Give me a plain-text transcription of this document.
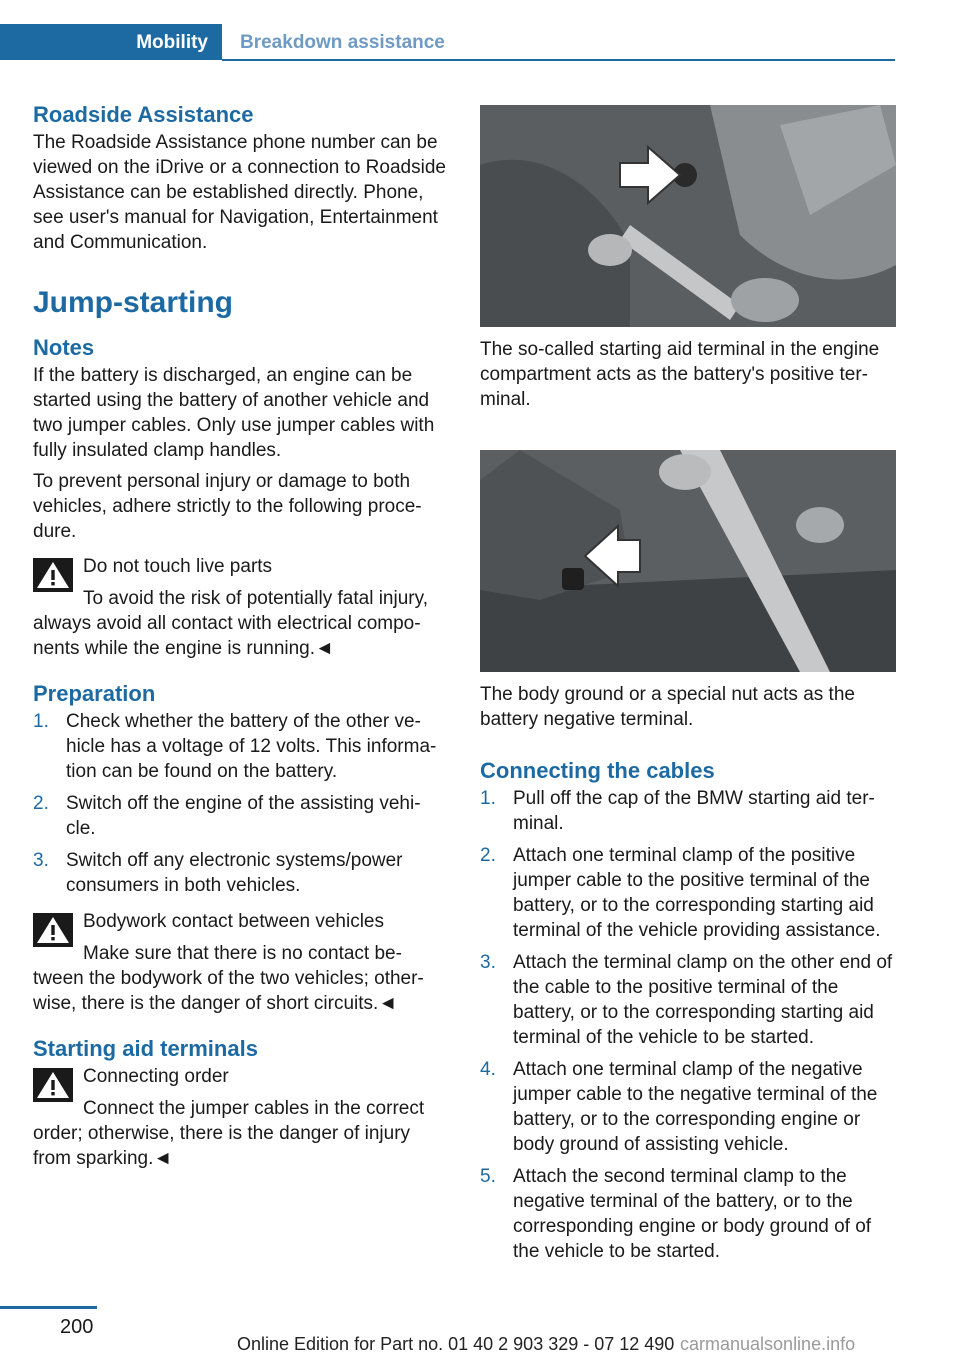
Mobility Breakdown assistance
Roadside Assistance

The Roadside Assistance phone number can be viewed on the iDrive or a connection to Roadside Assistance can be established directly. Phone, see user's manual for Navigation, Entertainment and Communication.

Jump-starting
Notes

If the battery is discharged, an engine can be started using the battery of another vehicle and two jumper cables. Only use jumper cables with fully insulated clamp handles.

To prevent personal injury or damage to both vehicles, adhere strictly to the following proce‐dure.

Do not touch live parts

To avoid the risk of potentially fatal injury, always avoid all contact with electrical compo‐nents while the engine is running.◄

Preparation
1. Check whether the battery of the other ve‐hicle has a voltage of 12 volts. This informa‐tion can be found on the battery.
2. Switch off the engine of the assisting vehi‐cle.
3. Switch off any electronic systems/power consumers in both vehicles.

Bodywork contact between vehicles

Make sure that there is no contact be‐tween the bodywork of the two vehicles; other‐wise, there is the danger of short circuits.◄

Starting aid terminals

Connecting order

Connect the jumper cables in the correct order; otherwise, there is the danger of injury from sparking.◄

The so-called starting aid terminal in the engine compartment acts as the battery's positive ter‐minal.

The body ground or a special nut acts as the battery negative terminal.

Connecting the cables
1. Pull off the cap of the BMW starting aid ter‐minal.
2. Attach one terminal clamp of the positive jumper cable to the positive terminal of the battery, or to the corresponding starting aid terminal of the vehicle providing assistance.
3. Attach the terminal clamp on the other end of the cable to the positive terminal of the battery, or to the corresponding starting aid terminal of the vehicle to be started.
4. Attach one terminal clamp of the negative jumper cable to the negative terminal of the battery, or to the corresponding engine or body ground of assisting vehicle.
5. Attach the second terminal clamp to the negative terminal of the battery, or to the corresponding engine or body ground of of the vehicle to be started.
200
Online Edition for Part no. 01 40 2 903 329 - 07 12 490 carmanualsonline.info
